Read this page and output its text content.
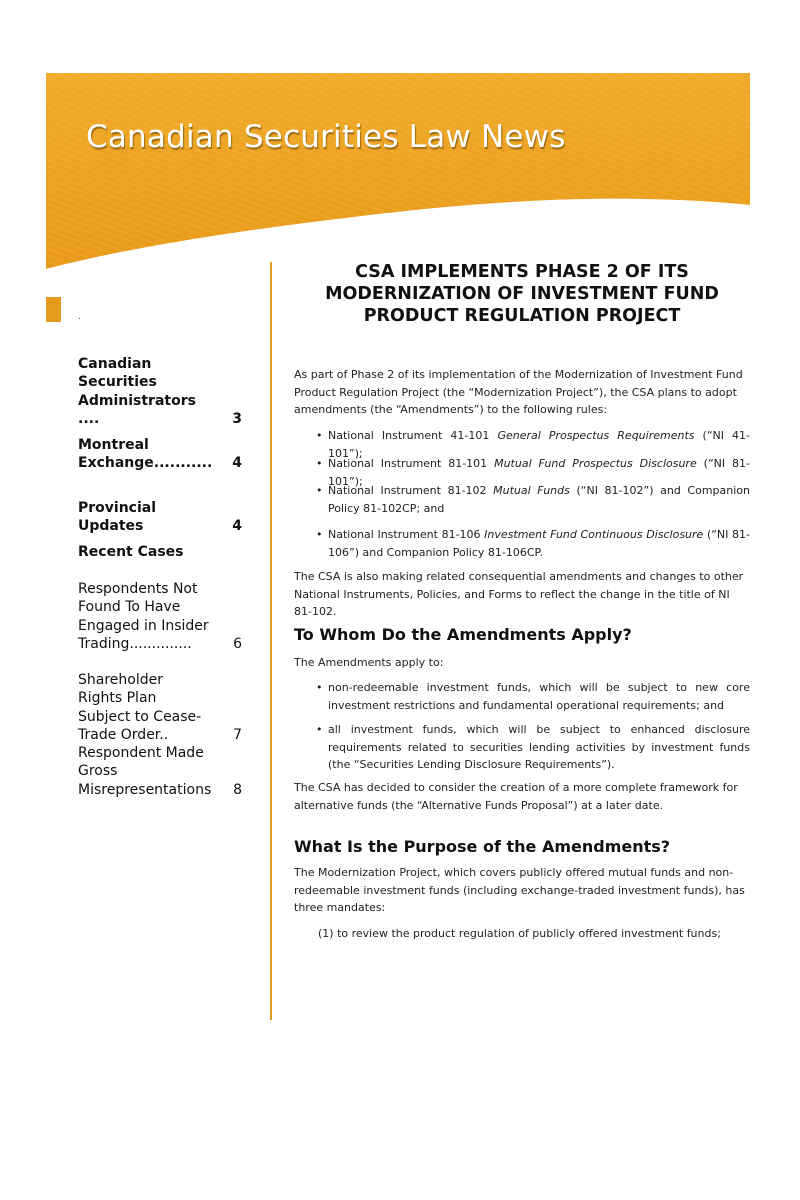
Canadian Securities Law News
.
Canadian Securities Administrators ....	3
Montreal Exchange........... 4
Provincial Updates	4
Recent Cases
Respondents Not Found To Have Engaged in Insider Trading..............	6
Shareholder Rights Plan Subject to Cease-Trade Order..	7
Respondent Made Gross Misrepresentations 8
CSA IMPLEMENTS PHASE 2 OF ITS MODERNIZATION OF INVESTMENT FUND PRODUCT REGULATION PROJECT
As part of Phase 2 of its implementation of the Modernization of Investment Fund Product Regulation Project (the “Modernization Project”), the CSA plans to adopt amendments (the “Amendments”) to the following rules:
• National Instrument 41-101 General Prospectus Requirements (“NI 41-101”);
• National Instrument 81-101 Mutual Fund Prospectus Disclosure (“NI 81-101”);
• National Instrument 81-102 Mutual Funds (“NI 81-102”) and Companion Policy 81-102CP; and
• National Instrument 81-106 Investment Fund Continuous Disclosure (“NI 81-106”) and Companion Policy 81-106CP.
The CSA is also making related consequential amendments and changes to other National Instruments, Policies, and Forms to reflect the change in the title of NI 81-102.
To Whom Do the Amendments Apply?
The Amendments apply to:
• non-redeemable investment funds, which will be subject to new core investment restrictions and fundamental operational requirements; and
• all investment funds, which will be subject to enhanced disclosure requirements related to securities lending activities by investment funds (the “Securities Lending Disclosure Requirements”).
The CSA has decided to consider the creation of a more complete framework for alternative funds (the “Alternative Funds Proposal”) at a later date.
What Is the Purpose of the Amendments?
The Modernization Project, which covers publicly offered mutual funds and non-redeemable investment funds (including exchange-traded investment funds), has three mandates:
(1) to review the product regulation of publicly offered investment funds;
